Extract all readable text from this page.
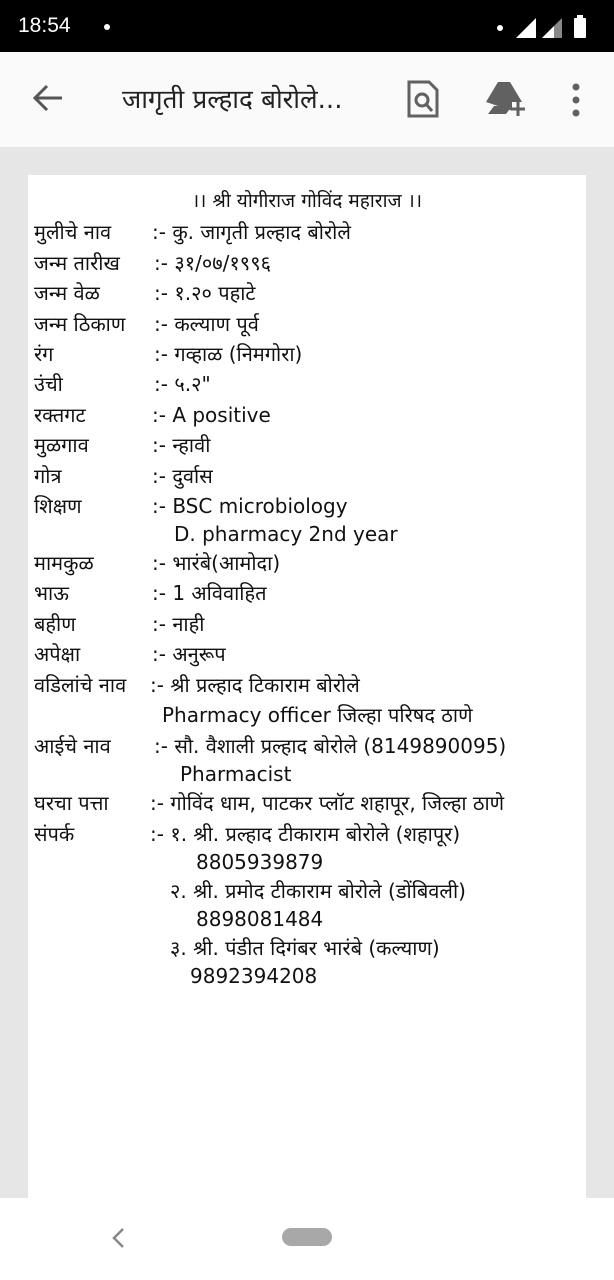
18:54
जागृती प्रल्हाद बोरोले...
।। श्री योगीराज गोविंद महाराज ।।
मुलीचे नाव :- कु. जागृती प्रल्हाद बोरोले
जन्म तारीख :- ३१/०७/१९९६
जन्म वेळ	:- १.२० पहाटे
जन्म ठिकाण :- कल्याण पूर्व
रंग	:- गव्हाळ (निमगोरा)
उंची	:- ५.२"
रक्तगट	:- A positive
मुळगाव	:- न्हावी
गोत्र	:- दुर्वास
शिक्षण	:- BSC microbiology
D. pharmacy 2nd year
मामकुळ	:- भारंबे(आमोदा)
भाऊ	:- 1 अविवाहित
बहीण	:- नाही
अपेक्षा	:- अनुरूप
वडिलांचे नाव :- श्री प्रल्हाद टिकाराम बोरोले
Pharmacy officer जिल्हा परिषद ठाणे
आईचे नाव :- सौ. वैशाली प्रल्हाद बोरोले (8149890095)
Pharmacist
घरचा पत्ता :- गोविंद धाम, पाटकर प्लॉट शहापूर, जिल्हा ठाणे
संपर्क	:- १. श्री. प्रल्हाद टीकाराम बोरोले (शहापूर)
8805939879
२. श्री. प्रमोद टीकाराम बोरोले (डोंबिवली)
8898081484
३. श्री. पंडीत दिगंबर भारंबे (कल्याण)
9892394208
